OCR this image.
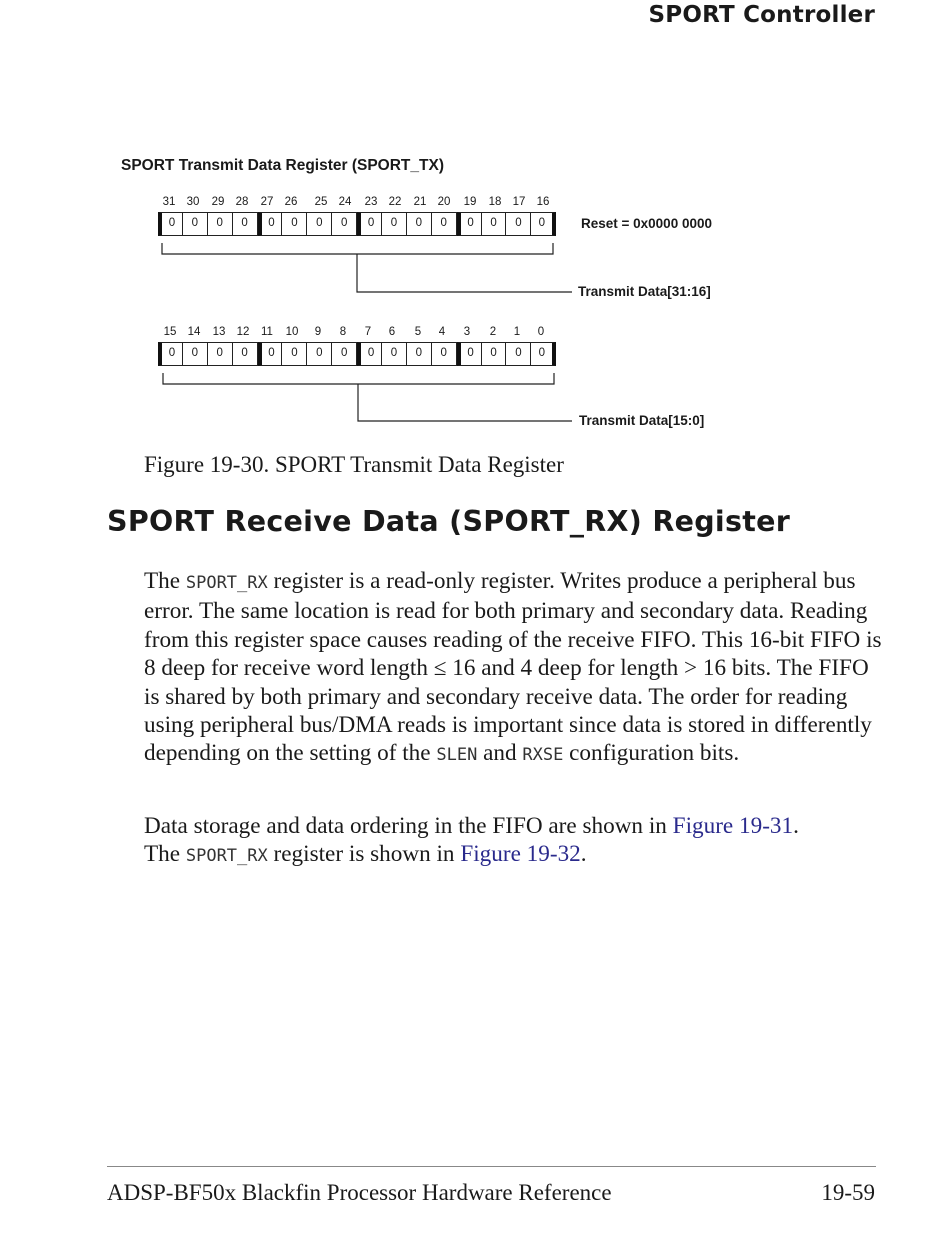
SPORT Controller
SPORT Transmit Data Register (SPORT_TX)
31 30	29 28	27 26	25 24	23 22	21 20	19	18 17 16
0	0	0	0	0	0	0	0	0	0	0	0	0	0	0	0	Reset = 0x0000 0000
Transmit Data[31:16]
15 14	13 12	11	10	9	8	7	6	5	4	3	2	1	0
0	0	0	0	0	0	0	0	0	0	0	0	0	0	0	0
Transmit Data[15:0]
Figure 19-30. SPORT Transmit Data Register
SPORT Receive Data (SPORT_RX) Register
The SPORT_RX register is a read-only register. Writes produce a peripheral bus error. The same location is read for both primary and secondary data. Reading from this register space causes reading of the receive FIFO. This 16-bit FIFO is 8 deep for receive word length ≤ 16 and 4 deep for length > 16 bits. The FIFO is shared by both primary and secondary receive data. The order for reading using peripheral bus/DMA reads is important since data is stored in differently depending on the setting of the SLEN and RXSE configuration bits.
Data storage and data ordering in the FIFO are shown in Figure 19-31.
The SPORT_RX register is shown in Figure 19-32.
ADSP-BF50x Blackfin Processor Hardware Reference	19-59
